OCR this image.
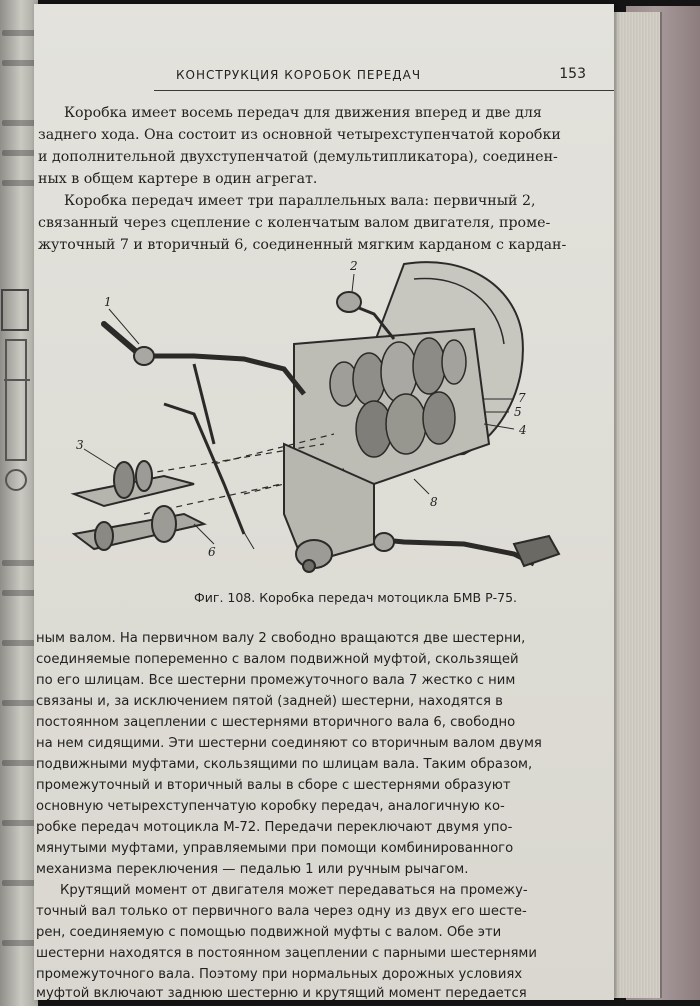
КОНСТРУКЦИЯ КОРОБОК ПЕРЕДАЧ	153
Коробка имеет восемь передач для движения вперед и две для
заднего хода. Она состоит из основной четырехступенчатой коробки
и дополнительной двухступенчатой (демультипликатора), соединен-
ных в общем картере в один агрегат.
Коробка передач имеет три параллельных вала: первичный 2,
связанный через сцепление с коленчатым валом двигателя, проме-
жуточный 7 и вторичный 6, соединенный мягким карданом с кардан-
1
2
3
4
5
6
7
8
Фиг. 108. Коробка передач мотоцикла БМВ Р-75.
ным валом. На первичном валу 2 свободно вращаются две шестерни,
соединяемые попеременно с валом подвижной муфтой, скользящей
по его шлицам. Все шестерни промежуточного вала 7 жестко с ним
связаны и, за исключением пятой (задней) шестерни, находятся в
постоянном зацеплении с шестернями вторичного вала 6, свободно
на нем сидящими. Эти шестерни соединяют со вторичным валом двумя
подвижными муфтами, скользящими по шлицам вала. Таким образом,
промежуточный и вторичный валы в сборе с шестернями образуют
основную четырехступенчатую коробку передач, аналогичную ко-
робке передач мотоцикла М-72. Передачи переключают двумя упо-
мянутыми муфтами, управляемыми при помощи комбинированного
механизма переключения — педалью 1 или ручным рычагом.
Крутящий момент от двигателя может передаваться на промежу-
точный вал только от первичного вала через одну из двух его шесте-
рен, соединяемую с помощью подвижной муфты с валом. Обе эти
шестерни находятся в постоянном зацеплении с парными шестернями
промежуточного вала. Поэтому при нормальных дорожных условиях
муфтой включают заднюю шестерню и крутящий момент передается
